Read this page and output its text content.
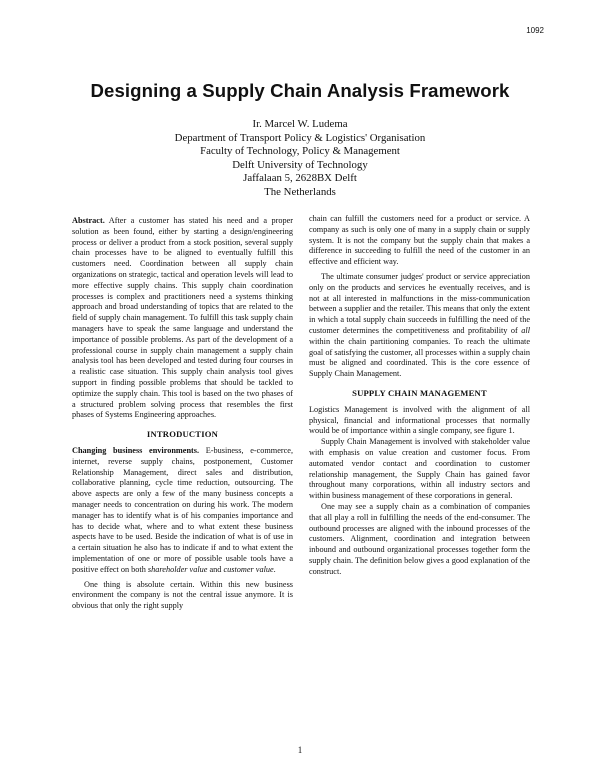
1092
Designing a Supply Chain Analysis Framework
Ir. Marcel W. Ludema
Department of Transport Policy & Logistics' Organisation
Faculty of Technology, Policy & Management
Delft University of Technology
Jaffalaan 5, 2628BX Delft
The Netherlands

Abstract. After a customer has stated his need and a proper solution as been found, either by starting a design/engineering process or deliver a product from a stock position, several supply chain processes have to be aligned to eventually fulfill this customers need. Coordination between all supply chain organizations on strategic, tactical and operation levels will lead to more effective supply chains. This supply chain coordination processes is complex and practitioners need a systems thinking approach and broad understanding of topics that are related to the field of supply chain management. To fulfill this task supply chain managers have to speak the same language and understand the importance of possible problems. As part of the development of a professional course in supply chain management a supply chain analysis tool has been developed and tested during four courses in a realistic case situation. This supply chain analysis tool gives support in finding possible problems that should be tackled to optimize the supply chain. This tool is based on the two phases of a structured problem solving process that resembles the first phases of Systems Engineering approaches.

INTRODUCTION

Changing business environments. E-business, e-commerce, internet, reverse supply chains, postponement, Customer Relationship Management, direct sales and distribution, collaborative planning, cycle time reduction, outsourcing. The above aspects are only a few of the many business concepts a manager needs to concentration on during his work. The modern manager has to identify what is of his companies importance and has to decide what, where and to what extent these business aspects have to be used. Beside the indication of what is of use in a certain situation he also has to indicate if and to what extent the implementation of one or more of possible usable tools have a positive effect on both shareholder value and customer value.

One thing is absolute certain. Within this new business environment the company is not the central issue anymore. It is obvious that only the right supply

chain can fulfill the customers need for a product or service. A company as such is only one of many in a supply chain or supply system. It is not the company but the supply chain that makes a difference in succeeding to fulfill the need of the customer in an effective and efficient way.

The ultimate consumer judges' product or service appreciation only on the products and services he eventually receives, and is not at all interested in malfunctions in the miss-communication between a supplier and the retailer. This means that only the extent in which a total supply chain succeeds in fulfilling the need of the customer determines the competitiveness and profitability of all within the chain partitioning companies. To reach the ultimate goal of satisfying the customer, all processes within a supply chain must be aligned and coordinated. This is the core essence of Supply Chain Management.

SUPPLY CHAIN MANAGEMENT

Logistics Management is involved with the alignment of all physical, financial and informational processes that normally would be of importance within a single company, see figure 1.

Supply Chain Management is involved with stakeholder value with emphasis on value creation and customer focus. From automated vendor contact and coordination to customer relationship management, the Supply Chain has gained favor throughout many corporations, within all industry sectors and within business management of these corporations in general.

One may see a supply chain as a combination of companies that all play a roll in fulfilling the needs of the end-consumer. The outbound processes are aligned with the inbound processes of the customers. Alignment, coordination and integration between inbound and outbound organizational processes together form the supply chain. The definition below gives a good explanation of the construct.

1
